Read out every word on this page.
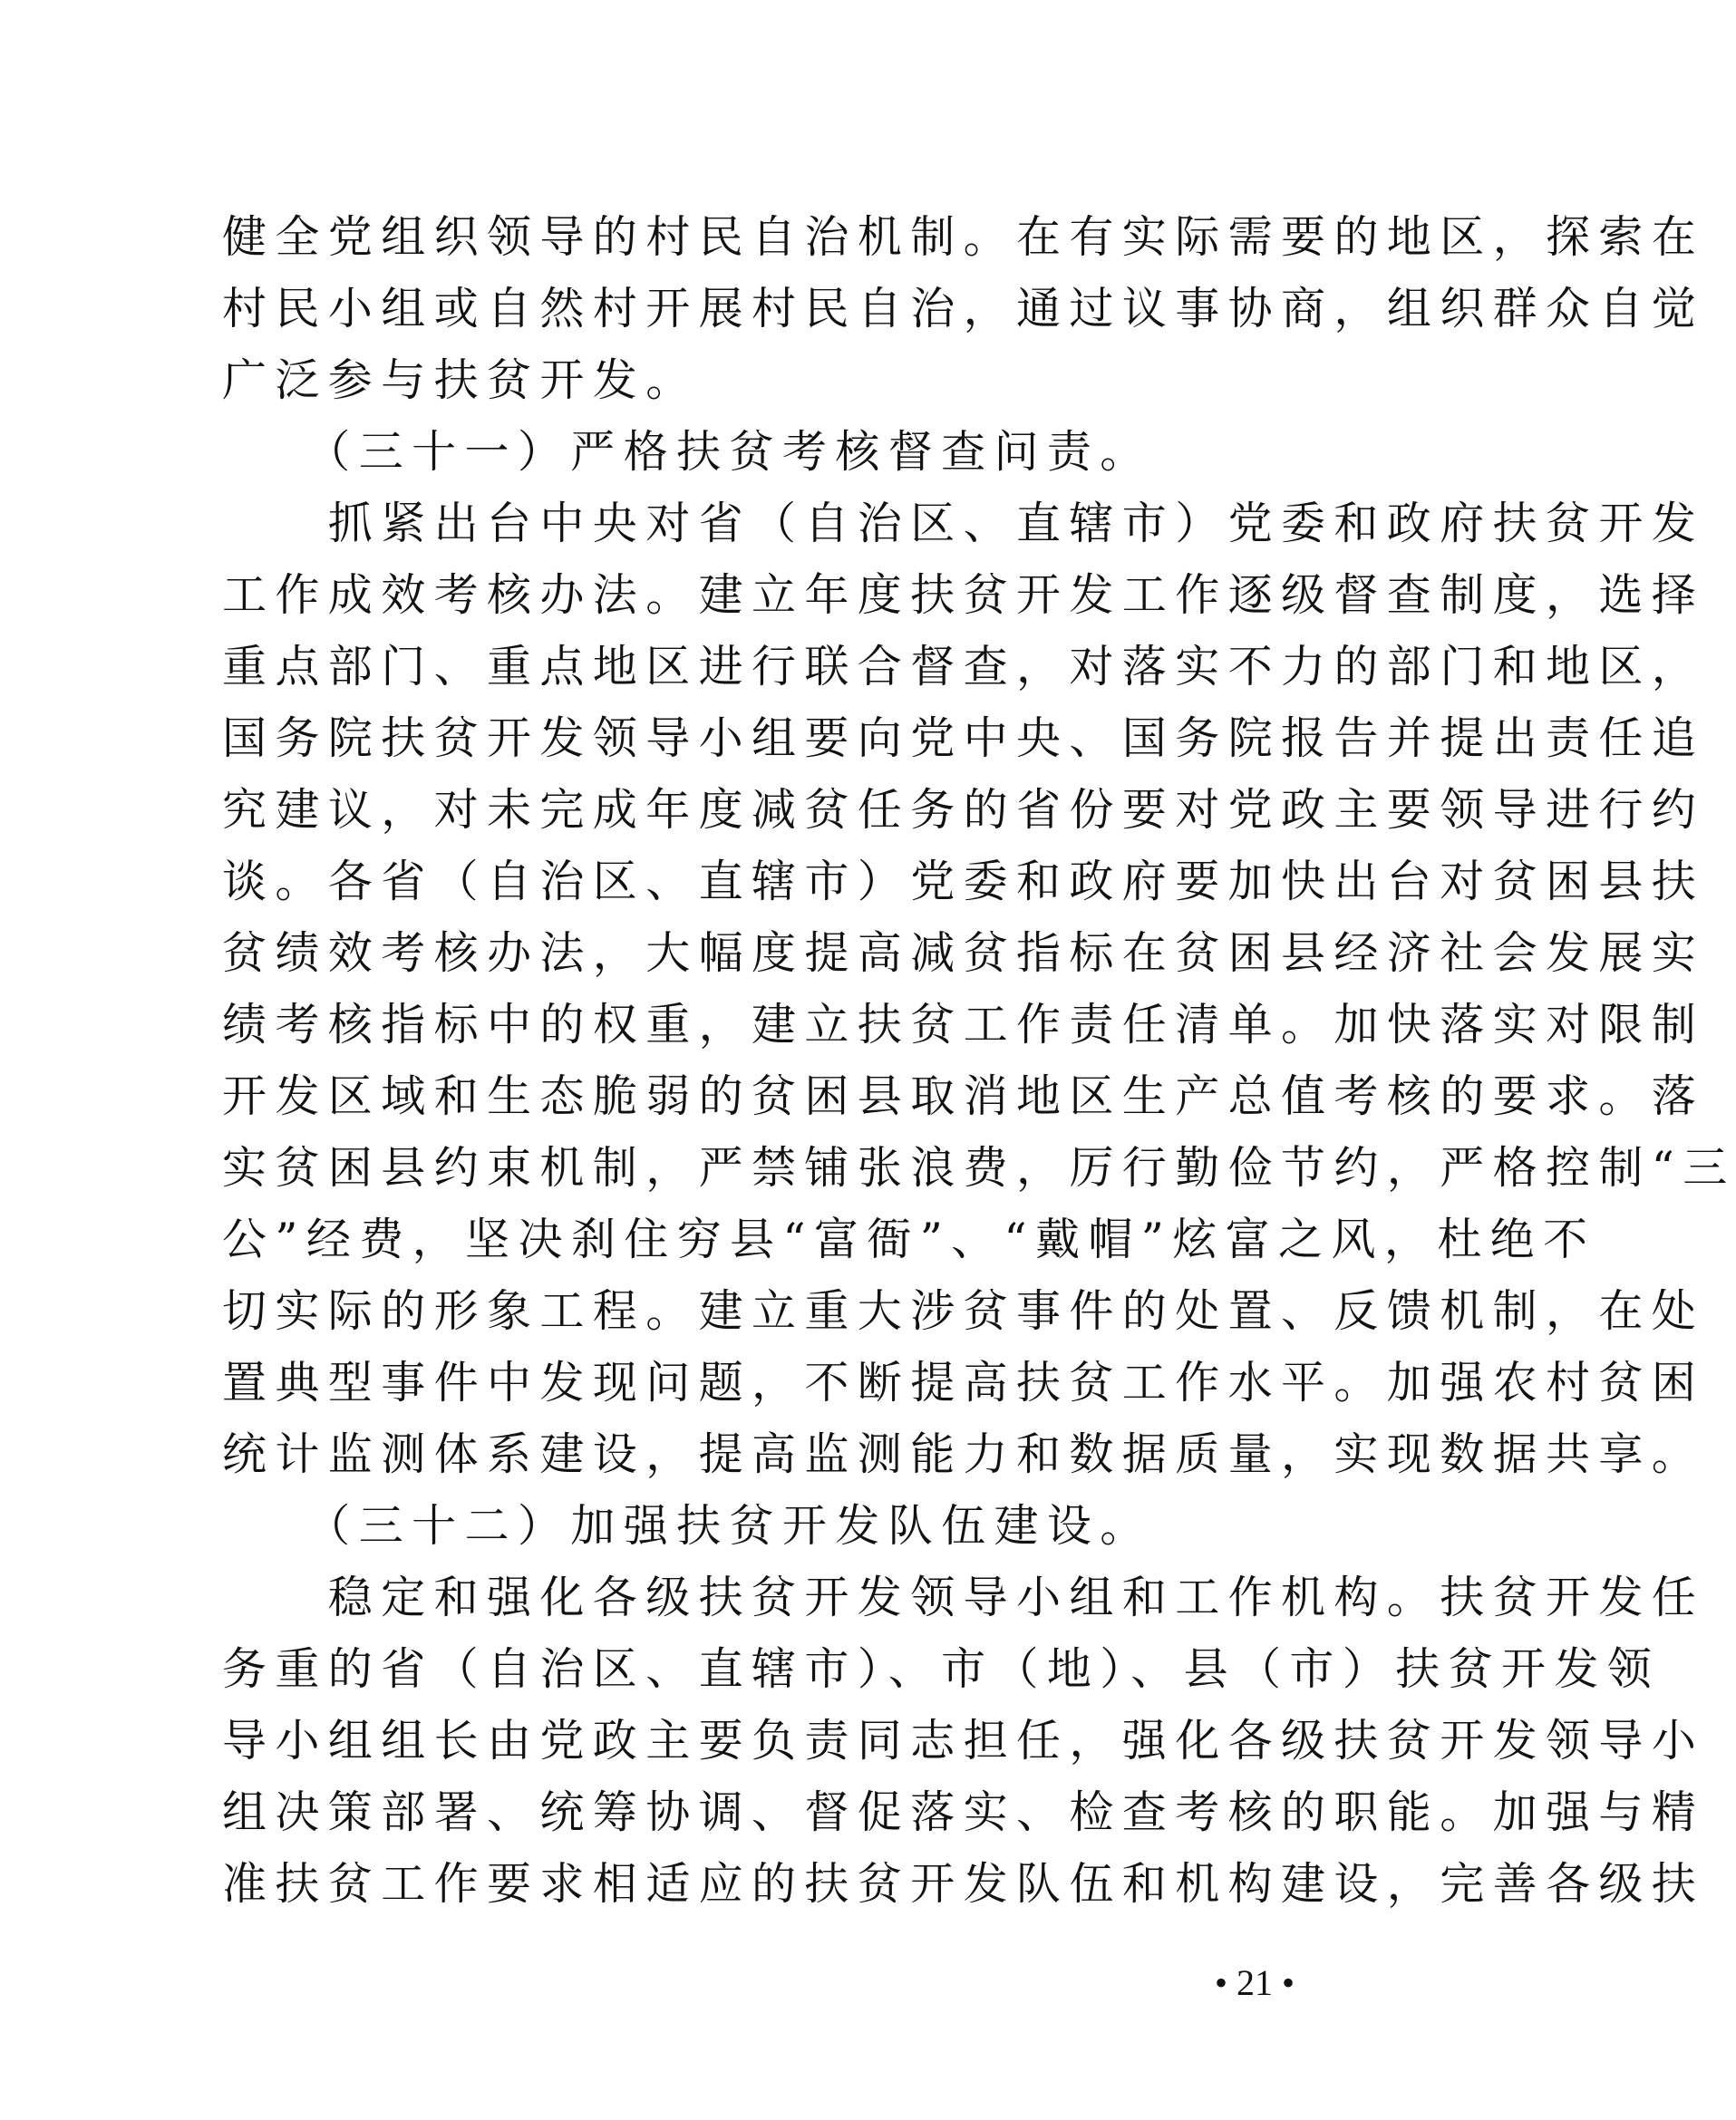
健全党组织领导的村民自治机制。在有实际需要的地区，探索在
村民小组或自然村开展村民自治，通过议事协商，组织群众自觉
广泛参与扶贫开发。
　　（三十一）严格扶贫考核督查问责。
　　抓紧出台中央对省（自治区、直辖市）党委和政府扶贫开发
工作成效考核办法。建立年度扶贫开发工作逐级督查制度，选择
重点部门、重点地区进行联合督查，对落实不力的部门和地区，
国务院扶贫开发领导小组要向党中央、国务院报告并提出责任追
究建议，对未完成年度减贫任务的省份要对党政主要领导进行约
谈。各省（自治区、直辖市）党委和政府要加快出台对贫困县扶
贫绩效考核办法，大幅度提高减贫指标在贫困县经济社会发展实
绩考核指标中的权重，建立扶贫工作责任清单。加快落实对限制
开发区域和生态脆弱的贫困县取消地区生产总值考核的要求。落
实贫困县约束机制，严禁铺张浪费，厉行勤俭节约，严格控制“三
公”经费，坚决刹住穷县“富衙”、“戴帽”炫富之风，杜绝不
切实际的形象工程。建立重大涉贫事件的处置、反馈机制，在处
置典型事件中发现问题，不断提高扶贫工作水平。加强农村贫困
统计监测体系建设，提高监测能力和数据质量，实现数据共享。
　　（三十二）加强扶贫开发队伍建设。
　　稳定和强化各级扶贫开发领导小组和工作机构。扶贫开发任
务重的省（自治区、直辖市）、市（地）、县（市）扶贫开发领
导小组组长由党政主要负责同志担任，强化各级扶贫开发领导小
组决策部署、统筹协调、督促落实、检查考核的职能。加强与精
准扶贫工作要求相适应的扶贫开发队伍和机构建设，完善各级扶
• 21 •
